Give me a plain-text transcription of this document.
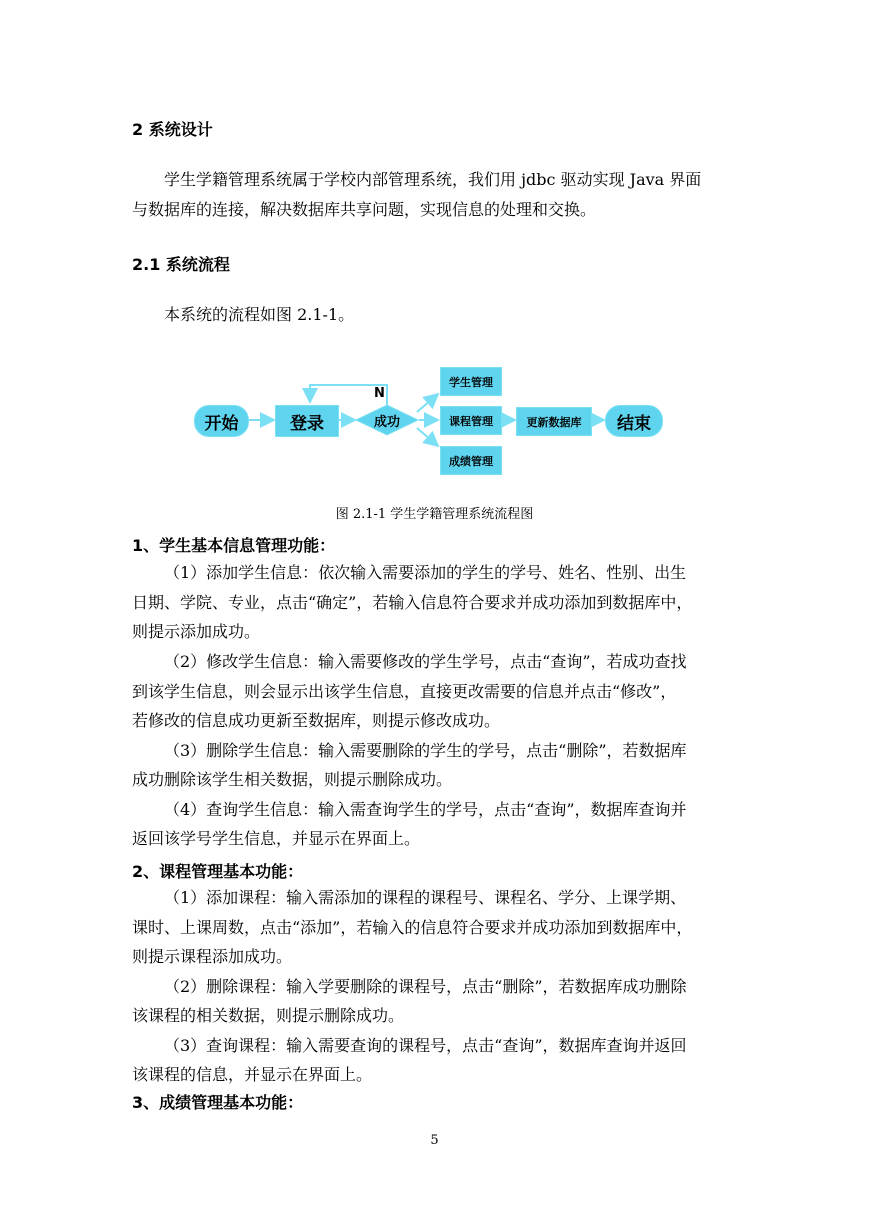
2 系统设计
学生学籍管理系统属于学校内部管理系统，我们用 jdbc 驱动实现 Java 界面
与数据库的连接，解决数据库共享问题，实现信息的处理和交换。
2.1 系统流程
本系统的流程如图 2.1-1。
开始	登录	成功
N
学生管理
课程管理
成绩管理
更新数据库 结束
图 2.1-1 学生学籍管理系统流程图
1、学生基本信息管理功能：
（1）添加学生信息：依次输入需要添加的学生的学号、姓名、性别、出生
日期、学院、专业，点击“确定”，若输入信息符合要求并成功添加到数据库中，
则提示添加成功。
（2）修改学生信息：输入需要修改的学生学号，点击“查询”，若成功查找
到该学生信息，则会显示出该学生信息，直接更改需要的信息并点击“修改”，
若修改的信息成功更新至数据库，则提示修改成功。
（3）删除学生信息：输入需要删除的学生的学号，点击“删除”，若数据库
成功删除该学生相关数据，则提示删除成功。
（4）查询学生信息：输入需查询学生的学号，点击“查询”，数据库查询并
返回该学号学生信息，并显示在界面上。
2、课程管理基本功能：
（1）添加课程：输入需添加的课程的课程号、课程名、学分、上课学期、
课时、上课周数，点击“添加”，若输入的信息符合要求并成功添加到数据库中，
则提示课程添加成功。
（2）删除课程：输入学要删除的课程号，点击“删除”，若数据库成功删除
该课程的相关数据，则提示删除成功。
（3）查询课程：输入需要查询的课程号，点击“查询”，数据库查询并返回
该课程的信息，并显示在界面上。
3、成绩管理基本功能：
5
